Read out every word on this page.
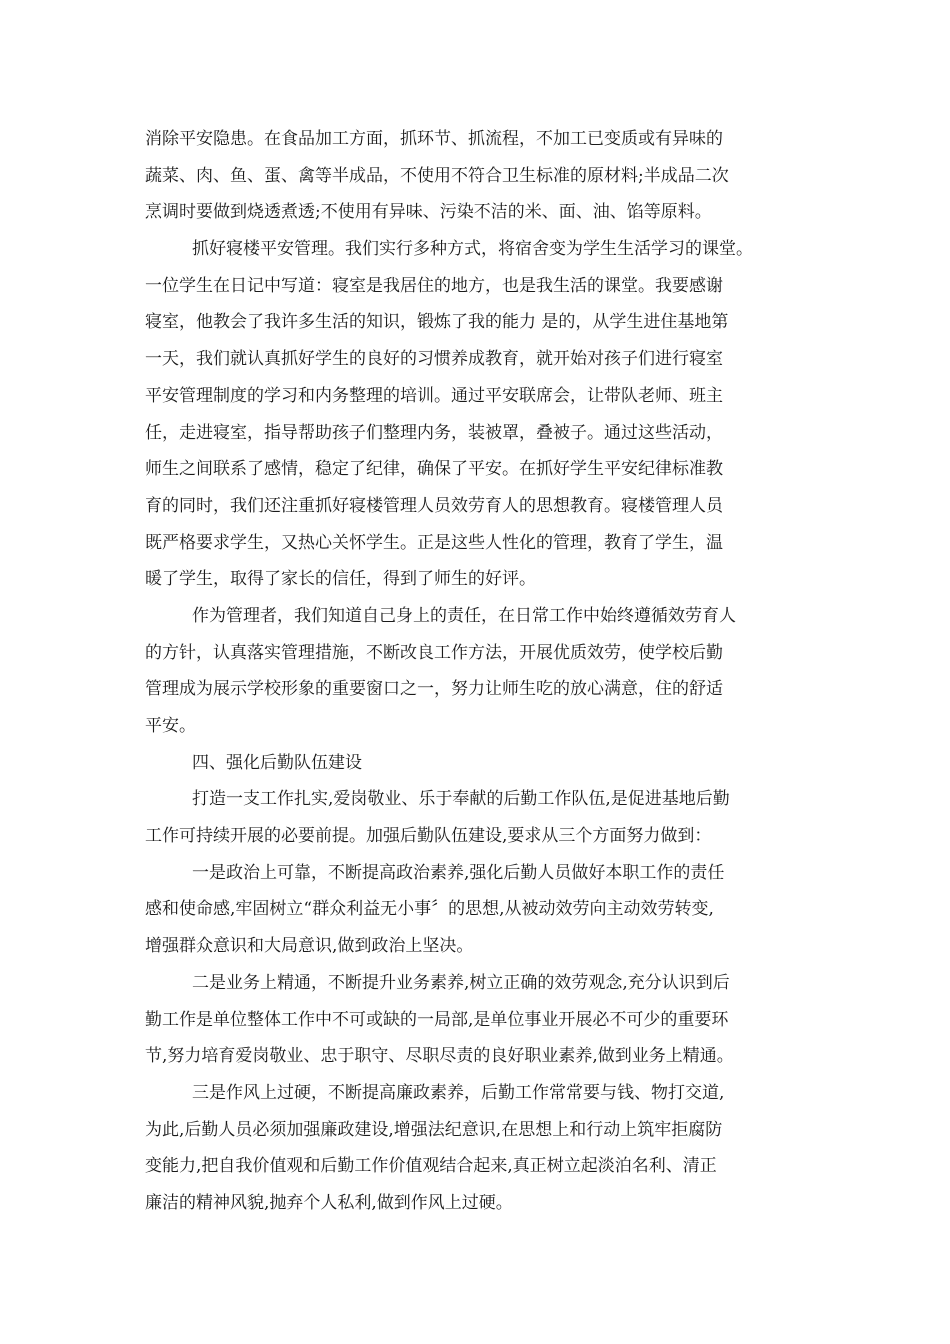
消除平安隐患。在食品加工方面，抓环节、抓流程，不加工已变质或有异味的
蔬菜、肉、鱼、蛋、禽等半成品，不使用不符合卫生标准的原材料;半成品二次
烹调时要做到烧透煮透;不使用有异味、污染不洁的米、面、油、馅等原料。
抓好寝楼平安管理。我们实行多种方式，将宿舍变为学生生活学习的课堂。
一位学生在日记中写道：寝室是我居住的地方，也是我生活的课堂。我要感谢
寝室，他教会了我许多生活的知识，锻炼了我的能力 是的，从学生进住基地第
一天，我们就认真抓好学生的良好的习惯养成教育，就开始对孩子们进行寝室
平安管理制度的学习和内务整理的培训。通过平安联席会，让带队老师、班主
任，走进寝室，指导帮助孩子们整理内务，装被罩，叠被子。通过这些活动，
师生之间联系了感情，稳定了纪律，确保了平安。在抓好学生平安纪律标准教
育的同时，我们还注重抓好寝楼管理人员效劳育人的思想教育。寝楼管理人员
既严格要求学生，又热心关怀学生。正是这些人性化的管理，教育了学生，温
暖了学生，取得了家长的信任，得到了师生的好评。
作为管理者，我们知道自己身上的责任，在日常工作中始终遵循效劳育人
的方针，认真落实管理措施，不断改良工作方法，开展优质效劳，使学校后勤
管理成为展示学校形象的重要窗口之一，努力让师生吃的放心满意，住的舒适
平安。
四、强化后勤队伍建设
打造一支工作扎实,爱岗敬业、乐于奉献的后勤工作队伍,是促进基地后勤
工作可持续开展的必要前提。加强后勤队伍建设,要求从三个方面努力做到：
一是政治上可靠，不断提高政治素养,强化后勤人员做好本职工作的责任
感和使命感,牢固树立“群众利益无小事〞的思想,从被动效劳向主动效劳转变,
增强群众意识和大局意识,做到政治上坚决。
二是业务上精通，不断提升业务素养,树立正确的效劳观念,充分认识到后
勤工作是单位整体工作中不可或缺的一局部,是单位事业开展必不可少的重要环
节,努力培育爱岗敬业、忠于职守、尽职尽责的良好职业素养,做到业务上精通。
三是作风上过硬，不断提高廉政素养，后勤工作常常要与钱、物打交道,
为此,后勤人员必须加强廉政建设,增强法纪意识,在思想上和行动上筑牢拒腐防
变能力,把自我价值观和后勤工作价值观结合起来,真正树立起淡泊名利、清正
廉洁的精神风貌,抛弃个人私利,做到作风上过硬。
